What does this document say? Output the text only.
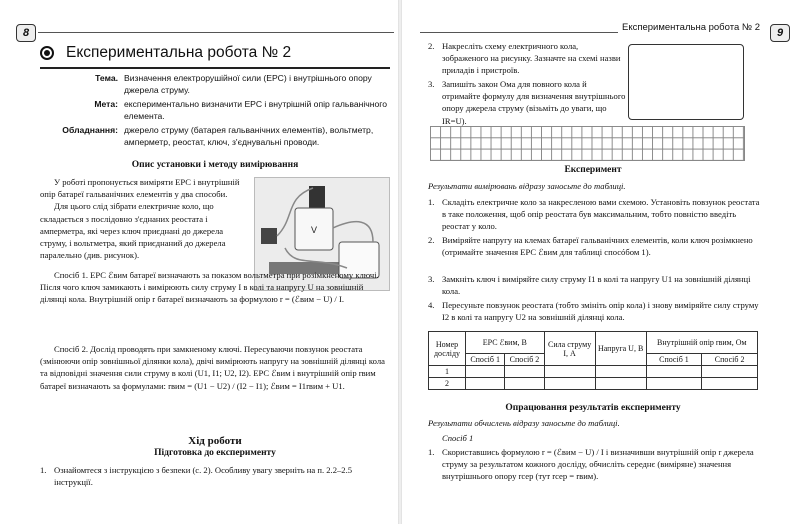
8
Експериментальна робота № 2
Тема. Визначення електрорушійної сили (ЕРС) і внутрішнього опору джерела струму.
Мета: експериментально визначити ЕРС і внутрішній опір гальванічного елемента.
Обладнання: джерело струму (батарея гальванічних елементів), вольтметр, амперметр, реостат, ключ, з'єднувальні проводи.
Опис установки і методу вимірювання

У роботі пропонується виміряти ЕРС і внутрішній опір батареї гальванічних елементів у два способи.

Для цього слід зібрати електричне коло, що складається з послідовно з'єднаних реостата і амперметра, які через ключ приєднані до джерела струму, і вольтметра, який приєднаний до джерела паралельно (див. рисунок).

V

Спосіб 1. ЕРС ℰвим батареї визначають за показом вольтметра при розімкненому ключі. Після чого ключ замикають і вимірюють силу струму I в колі та напругу U на зовнішній ділянці кола. Внутрішній опір r батареї визначають за формулою r = (ℰвим − U) / I.

Спосіб 2. Дослід проводять при замкненому ключі. Пересуваючи повзунок реостата (змінюючи опір зовнішньої ділянки кола), двічі вимірюють напругу на зовнішній ділянці кола та відповідні значення сили струму в колі (U1, I1; U2, I2). ЕРС ℰвим і внутрішній опір rвим батареї визначають за формулами: rвим = (U1 − U2) / (I2 − I1); ℰвим = I1rвим + U1.

Хід роботи
Підготовка до експерименту
1. Ознайомтеся з інструкцією з безпеки (с. 2). Особливу увагу зверніть на п. 2.2–2.5 інструкції.
Експериментальна робота № 2	9
2. Накресліть схему електричного кола, зображеного на рисунку. Зазначте на схемі назви приладів і пристроїв.
3. Запишіть закон Ома для повного кола й отримайте формулу для визначення внутрішнього опору джерела струму (візьміть до уваги, що IR=U).
Експеримент
Результати вимірювань відразу заносьте до таблиці.
1. Складіть електричне коло за накресленою вами схемою. Установіть повзунок реостата в таке положення, щоб опір реостата був максимальним, тобто повністю введіть реостат у коло.
2. Виміряйте напругу на клемах батареї гальванічних елементів, коли ключ розімкнено (отримайте значення ЕРС ℰвим для таблиці спосóбом 1).
3. Замкніть ключ і виміряйте силу струму I1 в колі та напругу U1 на зовнішній ділянці кола.
4. Пересуньте повзунок реостата (тобто змініть опір кола) і знову виміряйте силу струму I2 в колі та напругу U2 на зовнішній ділянці кола.
Номер досліду	ЕРС ℰвим, В		Сила струму I, А	Напруга U, В	Внутрішній опір rвим, Ом	
	Спосіб 1	Спосіб 2			Спосіб 1	Спосіб 2
1						
2						
Опрацювання результатів експерименту
Результати обчислень відразу заносьте до таблиці.
Спосіб 1
1. Скориставшись формулою r = (ℰвим − U) / I і визначивши внутрішній опір r джерела струму за результатом кожного досліду, обчисліть середнє (виміряне) значення внутрішнього опору rсер (тут rсер = rвим).
